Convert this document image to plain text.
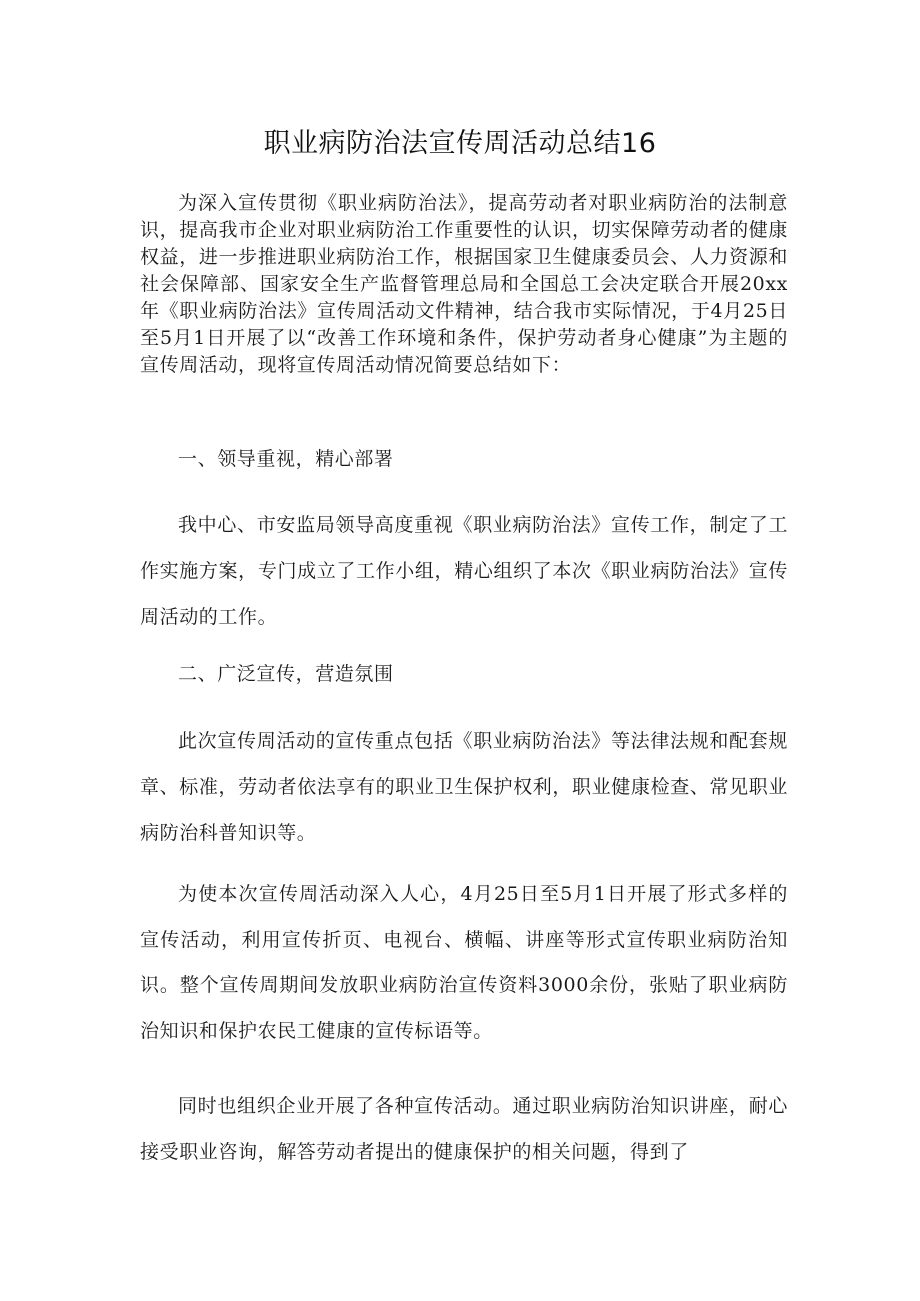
职业病防治法宣传周活动总结16

为深入宣传贯彻《职业病防治法》，提高劳动者对职业病防治的法制意识，提高我市企业对职业病防治工作重要性的认识，切实保障劳动者的健康权益，进一步推进职业病防治工作，根据国家卫生健康委员会、人力资源和社会保障部、国家安全生产监督管理总局和全国总工会决定联合开展20xx年《职业病防治法》宣传周活动文件精神，结合我市实际情况，于4月25日至5月1日开展了以“改善工作环境和条件，保护劳动者身心健康”为主题的宣传周活动，现将宣传周活动情况简要总结如下：

一、领导重视，精心部署

我中心、市安监局领导高度重视《职业病防治法》宣传工作，制定了工作实施方案，专门成立了工作小组，精心组织了本次《职业病防治法》宣传周活动的工作。

二、广泛宣传，营造氛围

此次宣传周活动的宣传重点包括《职业病防治法》等法律法规和配套规章、标准，劳动者依法享有的职业卫生保护权利，职业健康检查、常见职业病防治科普知识等。

为使本次宣传周活动深入人心，4月25日至5月1日开展了形式多样的宣传活动，利用宣传折页、电视台、横幅、讲座等形式宣传职业病防治知识。整个宣传周期间发放职业病防治宣传资料3000余份，张贴了职业病防治知识和保护农民工健康的宣传标语等。

同时也组织企业开展了各种宣传活动。通过职业病防治知识讲座，耐心接受职业咨询，解答劳动者提出的健康保护的相关问题，得到了
